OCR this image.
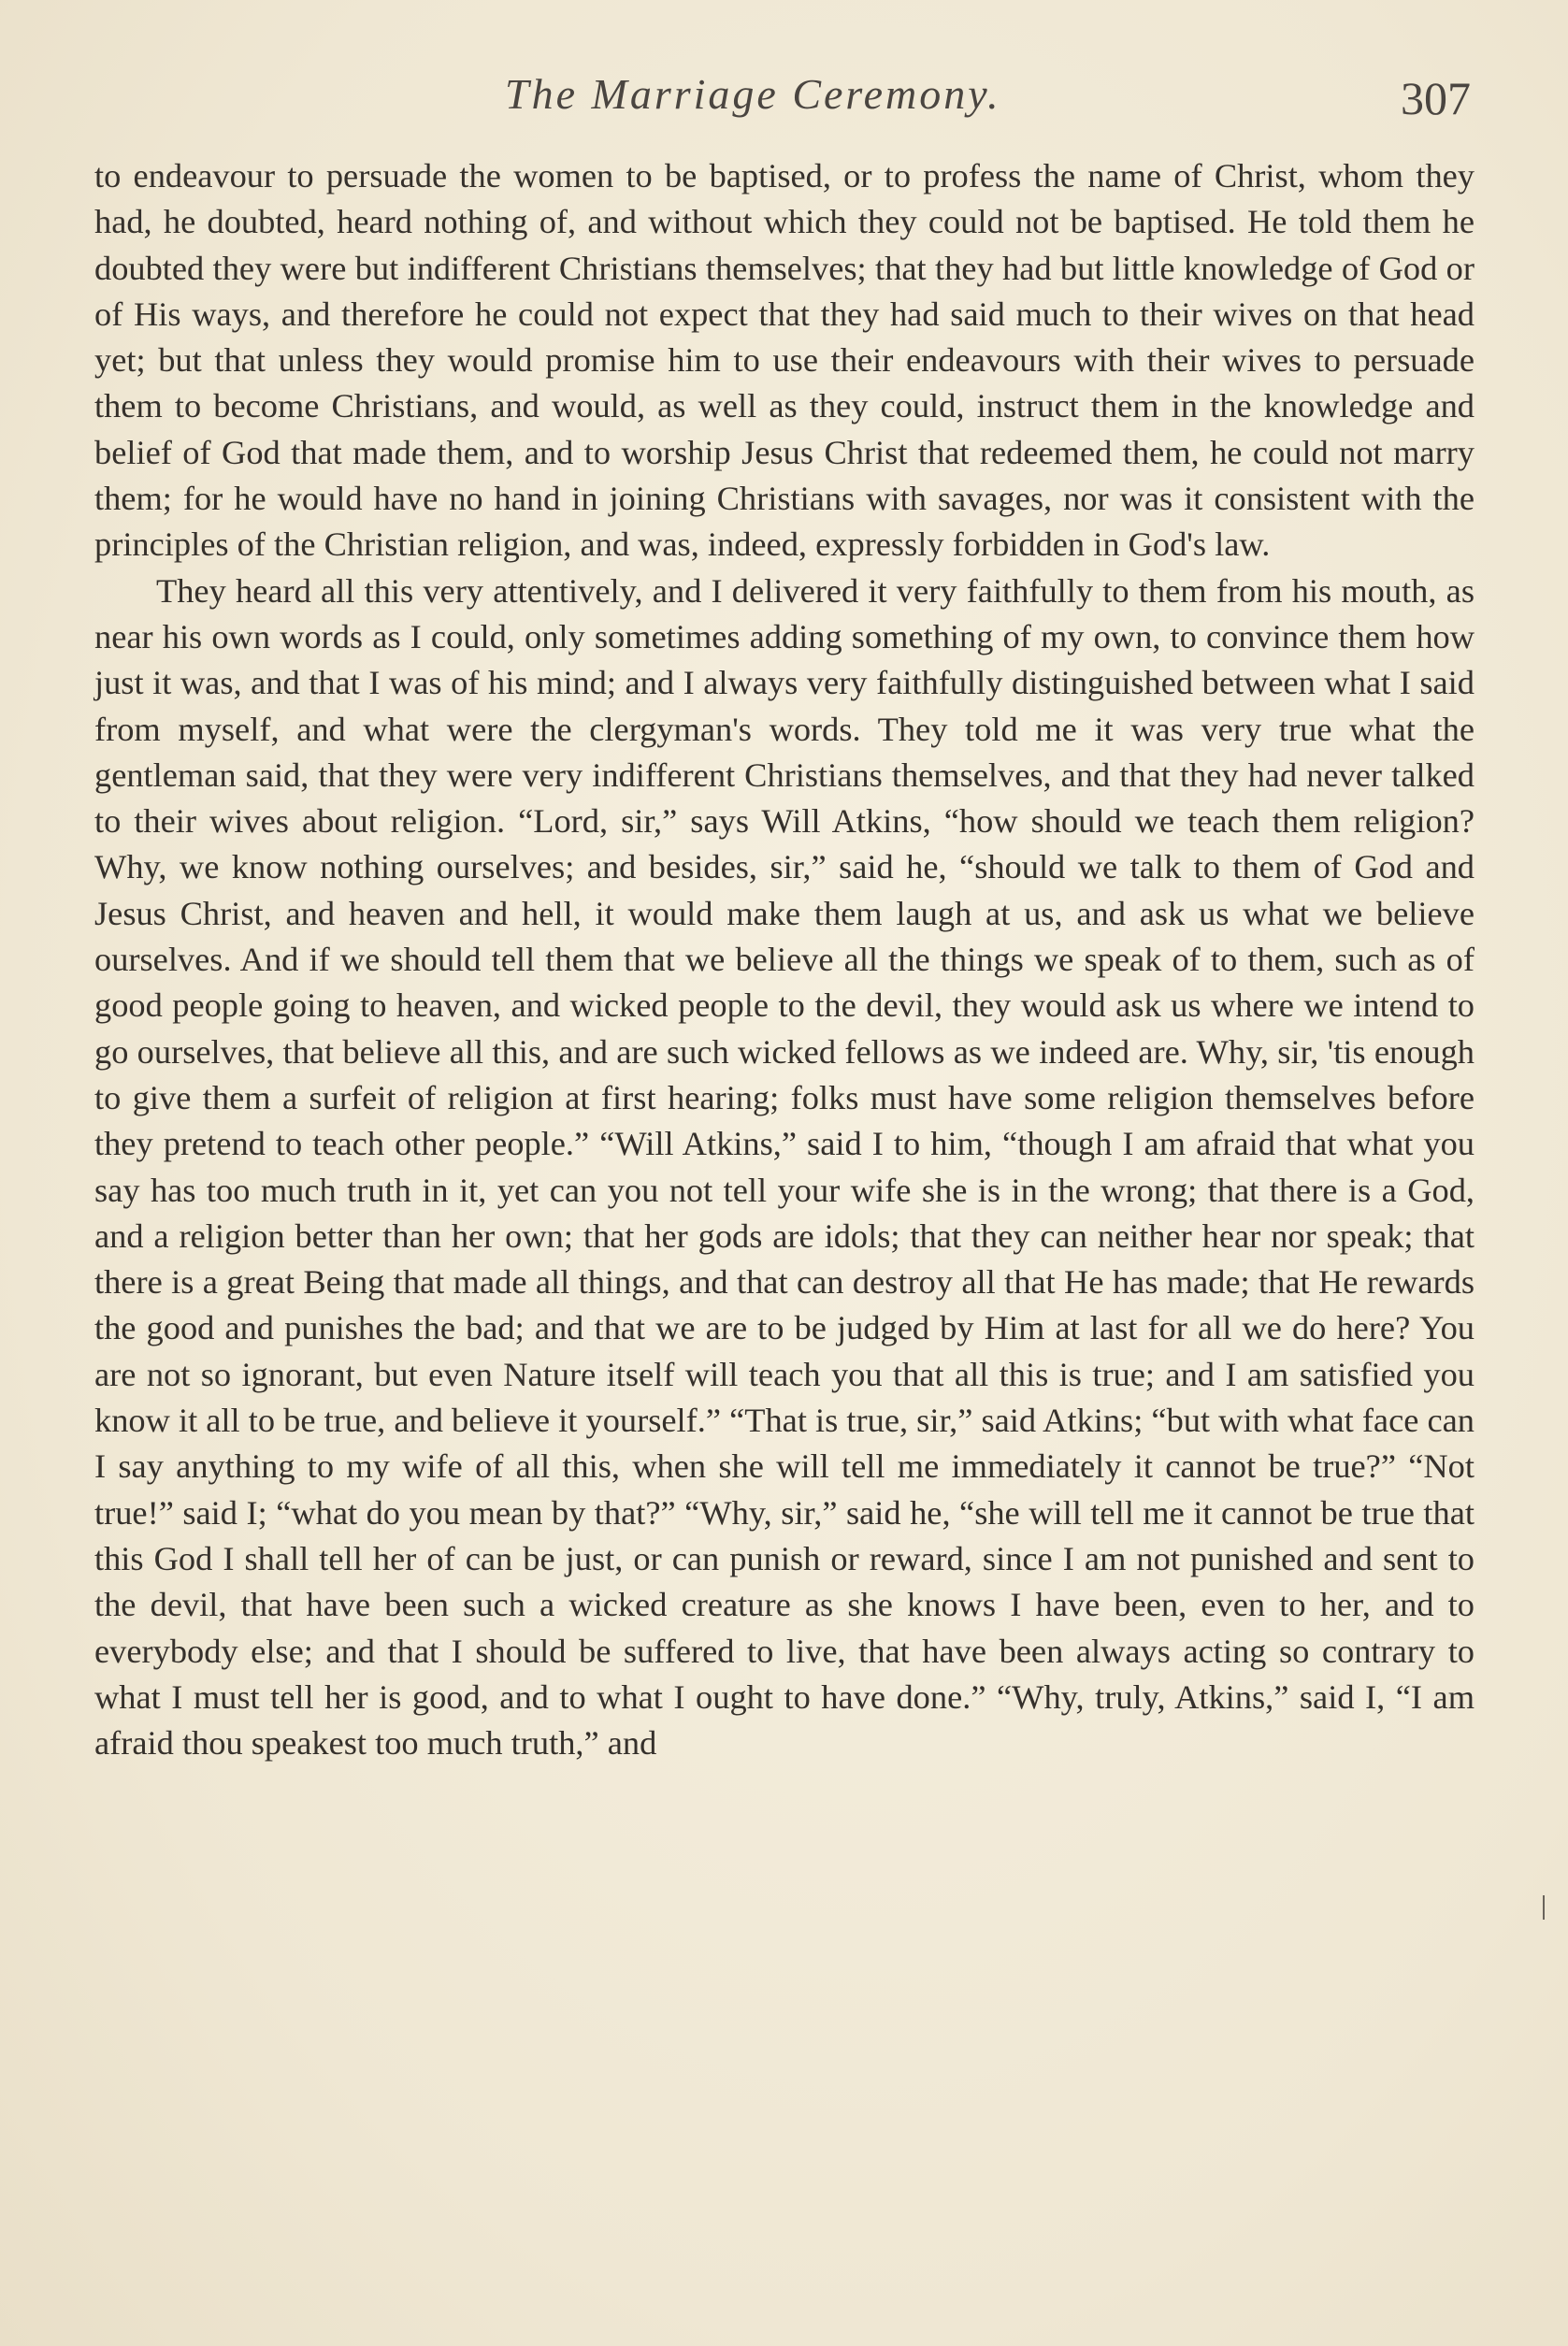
The Marriage Ceremony.	307

to endeavour to persuade the women to be baptised, or to profess the name of Christ, whom they had, he doubted, heard nothing of, and without which they could not be baptised. He told them he doubted they were but indifferent Christians themselves; that they had but little knowledge of God or of His ways, and therefore he could not expect that they had said much to their wives on that head yet; but that unless they would promise him to use their endeavours with their wives to persuade them to become Christians, and would, as well as they could, instruct them in the knowledge and belief of God that made them, and to worship Jesus Christ that redeemed them, he could not marry them; for he would have no hand in joining Christians with savages, nor was it consistent with the principles of the Christian religion, and was, indeed, expressly forbidden in God's law.

They heard all this very attentively, and I delivered it very faithfully to them from his mouth, as near his own words as I could, only sometimes adding something of my own, to convince them how just it was, and that I was of his mind; and I always very faithfully distinguished between what I said from myself, and what were the clergyman's words. They told me it was very true what the gentleman said, that they were very indifferent Christians themselves, and that they had never talked to their wives about religion. “Lord, sir,” says Will Atkins, “how should we teach them religion? Why, we know nothing ourselves; and besides, sir,” said he, “should we talk to them of God and Jesus Christ, and heaven and hell, it would make them laugh at us, and ask us what we believe ourselves. And if we should tell them that we believe all the things we speak of to them, such as of good people going to heaven, and wicked people to the devil, they would ask us where we intend to go ourselves, that believe all this, and are such wicked fellows as we indeed are. Why, sir, 'tis enough to give them a surfeit of religion at first hearing; folks must have some religion themselves before they pretend to teach other people.” “Will Atkins,” said I to him, “though I am afraid that what you say has too much truth in it, yet can you not tell your wife she is in the wrong; that there is a God, and a religion better than her own; that her gods are idols; that they can neither hear nor speak; that there is a great Being that made all things, and that can destroy all that He has made; that He rewards the good and punishes the bad; and that we are to be judged by Him at last for all we do here? You are not so ignorant, but even Nature itself will teach you that all this is true; and I am satisfied you know it all to be true, and believe it yourself.” “That is true, sir,” said Atkins; “but with what face can I say anything to my wife of all this, when she will tell me immediately it cannot be true?” “Not true!” said I; “what do you mean by that?” “Why, sir,” said he, “she will tell me it cannot be true that this God I shall tell her of can be just, or can punish or reward, since I am not punished and sent to the devil, that have been such a wicked creature as she knows I have been, even to her, and to everybody else; and that I should be suffered to live, that have been always acting so contrary to what I must tell her is good, and to what I ought to have done.” “Why, truly, Atkins,” said I, “I am afraid thou speakest too much truth,” and
